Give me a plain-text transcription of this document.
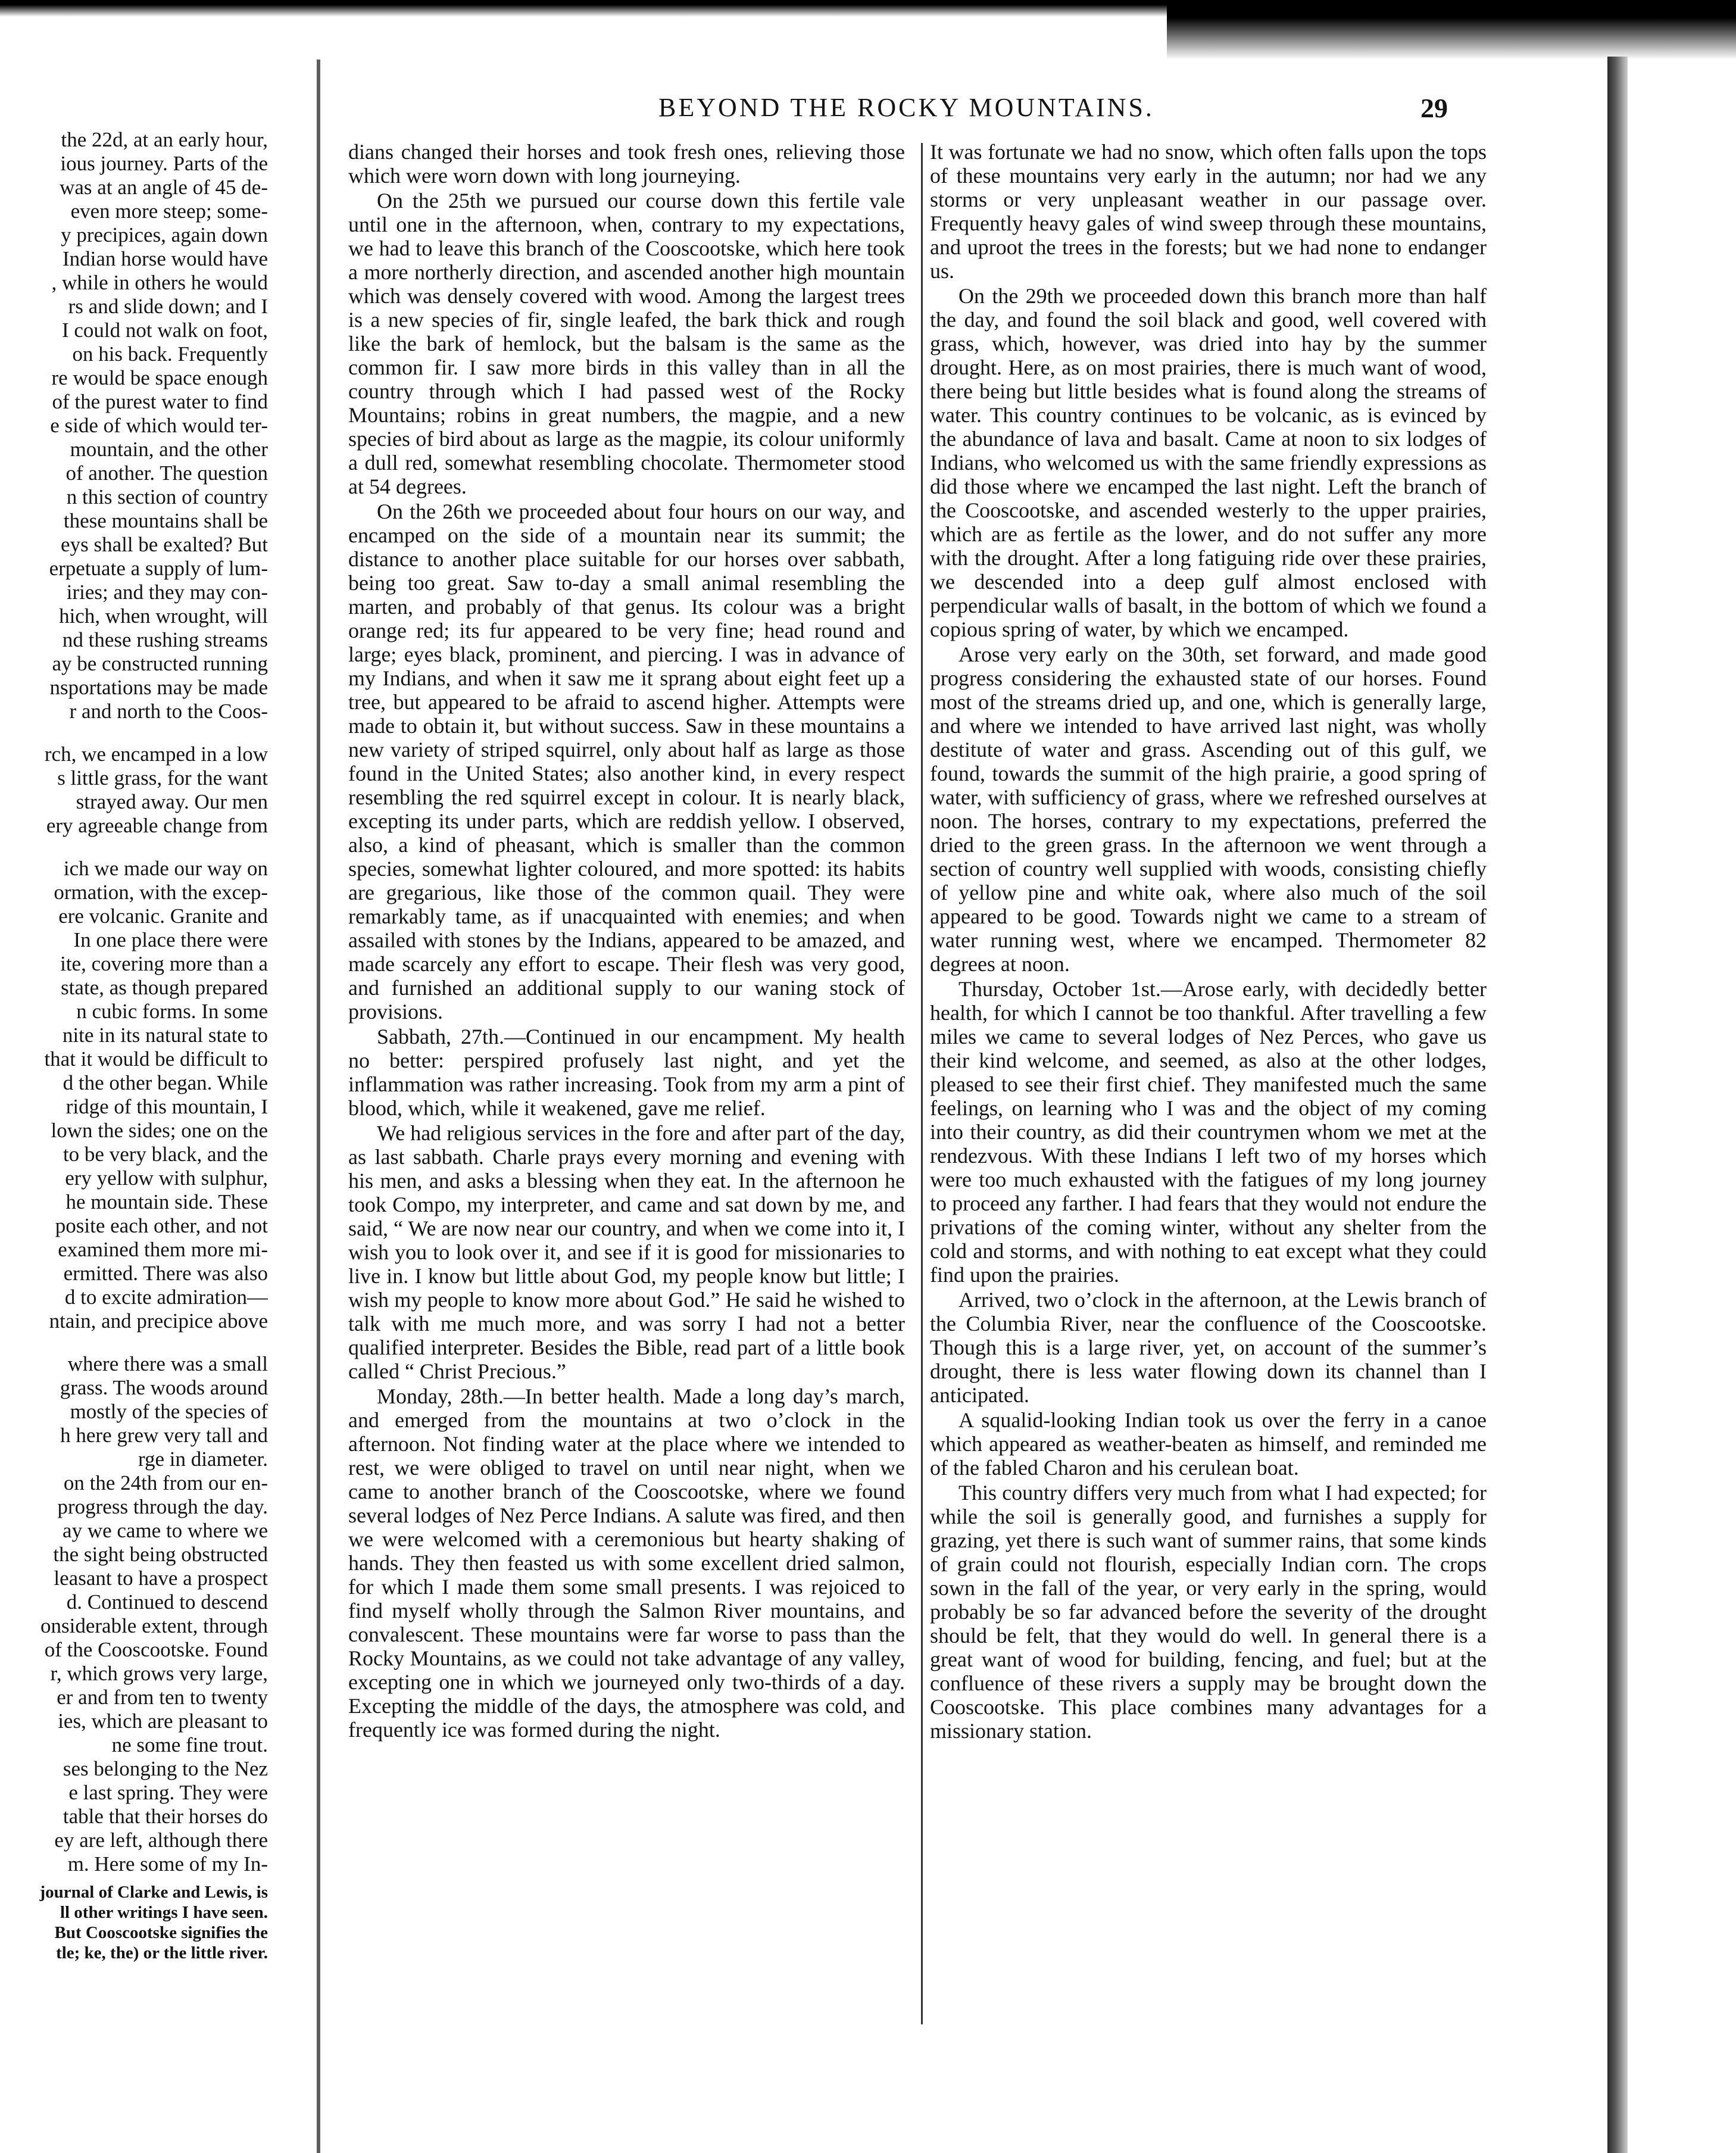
the 22d, at an early hour,

ious journey. Parts of the

was at an angle of 45 de-

even more steep; some-

y precipices, again down

Indian horse would have

, while in others he would

rs and slide down; and I

I could not walk on foot,

on his back. Frequently

re would be space enough

of the purest water to find

e side of which would ter-

mountain, and the other

of another. The question

n this section of country

these mountains shall be

eys shall be exalted? But

erpetuate a supply of lum-

iries; and they may con-

hich, when wrought, will

nd these rushing streams

ay be constructed running

nsportations may be made

r and north to the Coos-

rch, we encamped in a low

s little grass, for the want

strayed away. Our men

ery agreeable change from

ich we made our way on

ormation, with the excep-

ere volcanic. Granite and

In one place there were

ite, covering more than a

state, as though prepared

n cubic forms. In some

nite in its natural state to

that it would be difficult to

d the other began. While

ridge of this mountain, I

lown the sides; one on the

to be very black, and the

ery yellow with sulphur,

he mountain side. These

posite each other, and not

examined them more mi-

ermitted. There was also

d to excite admiration—

ntain, and precipice above

where there was a small

grass. The woods around

mostly of the species of

h here grew very tall and

rge in diameter.

on the 24th from our en-

progress through the day.

ay we came to where we

the sight being obstructed

leasant to have a prospect

d. Continued to descend

onsiderable extent, through

of the Cooscootske. Found

r, which grows very large,

er and from ten to twenty

ies, which are pleasant to

ne some fine trout.

ses belonging to the Nez

e last spring. They were

table that their horses do

ey are left, although there

m. Here some of my In-

journal of Clarke and Lewis, is

ll other writings I have seen.

But Cooscootske signifies the

tle; ke, the) or the little river.

BEYOND THE ROCKY MOUNTAINS.	29

dians changed their horses and took fresh ones, relieving those which were worn down with long journeying.

On the 25th we pursued our course down this fertile vale until one in the afternoon, when, contrary to my expectations, we had to leave this branch of the Cooscootske, which here took a more northerly direction, and ascended another high mountain which was densely covered with wood. Among the largest trees is a new species of fir, single leafed, the bark thick and rough like the bark of hemlock, but the balsam is the same as the common fir. I saw more birds in this valley than in all the country through which I had passed west of the Rocky Mountains; robins in great numbers, the magpie, and a new species of bird about as large as the magpie, its colour uniformly a dull red, somewhat resembling chocolate. Thermometer stood at 54 degrees.

On the 26th we proceeded about four hours on our way, and encamped on the side of a mountain near its summit; the distance to another place suitable for our horses over sabbath, being too great. Saw to-day a small animal resembling the marten, and probably of that genus. Its colour was a bright orange red; its fur appeared to be very fine; head round and large; eyes black, prominent, and piercing. I was in advance of my Indians, and when it saw me it sprang about eight feet up a tree, but appeared to be afraid to ascend higher. Attempts were made to obtain it, but without success. Saw in these mountains a new variety of striped squirrel, only about half as large as those found in the United States; also another kind, in every respect resembling the red squirrel except in colour. It is nearly black, excepting its under parts, which are reddish yellow. I observed, also, a kind of pheasant, which is smaller than the common species, somewhat lighter coloured, and more spotted: its habits are gregarious, like those of the common quail. They were remarkably tame, as if unacquainted with enemies; and when assailed with stones by the Indians, appeared to be amazed, and made scarcely any effort to escape. Their flesh was very good, and furnished an additional supply to our waning stock of provisions.

Sabbath, 27th.—Continued in our encampment. My health no better: perspired profusely last night, and yet the inflammation was rather increasing. Took from my arm a pint of blood, which, while it weakened, gave me relief.

We had religious services in the fore and after part of the day, as last sabbath. Charle prays every morning and evening with his men, and asks a blessing when they eat. In the afternoon he took Compo, my interpreter, and came and sat down by me, and said, “ We are now near our country, and when we come into it, I wish you to look over it, and see if it is good for missionaries to live in. I know but little about God, my people know but little; I wish my people to know more about God.” He said he wished to talk with me much more, and was sorry I had not a better qualified interpreter. Besides the Bible, read part of a little book called “ Christ Precious.”

Monday, 28th.—In better health. Made a long day’s march, and emerged from the mountains at two o’clock in the afternoon. Not finding water at the place where we intended to rest, we were obliged to travel on until near night, when we came to another branch of the Cooscootske, where we found several lodges of Nez Perce Indians. A salute was fired, and then we were welcomed with a ceremonious but hearty shaking of hands. They then feasted us with some excellent dried salmon, for which I made them some small presents. I was rejoiced to find myself wholly through the Salmon River mountains, and convalescent. These mountains were far worse to pass than the Rocky Mountains, as we could not take advantage of any valley, excepting one in which we journeyed only two-thirds of a day. Excepting the middle of the days, the atmosphere was cold, and frequently ice was formed during the night.

It was fortunate we had no snow, which often falls upon the tops of these mountains very early in the autumn; nor had we any storms or very unpleasant weather in our passage over. Frequently heavy gales of wind sweep through these mountains, and uproot the trees in the forests; but we had none to endanger us.

On the 29th we proceeded down this branch more than half the day, and found the soil black and good, well covered with grass, which, however, was dried into hay by the summer drought. Here, as on most prairies, there is much want of wood, there being but little besides what is found along the streams of water. This country continues to be volcanic, as is evinced by the abundance of lava and basalt. Came at noon to six lodges of Indians, who welcomed us with the same friendly expressions as did those where we encamped the last night. Left the branch of the Cooscootske, and ascended westerly to the upper prairies, which are as fertile as the lower, and do not suffer any more with the drought. After a long fatiguing ride over these prairies, we descended into a deep gulf almost enclosed with perpendicular walls of basalt, in the bottom of which we found a copious spring of water, by which we encamped.

Arose very early on the 30th, set forward, and made good progress considering the exhausted state of our horses. Found most of the streams dried up, and one, which is generally large, and where we intended to have arrived last night, was wholly destitute of water and grass. Ascending out of this gulf, we found, towards the summit of the high prairie, a good spring of water, with sufficiency of grass, where we refreshed ourselves at noon. The horses, contrary to my expectations, preferred the dried to the green grass. In the afternoon we went through a section of country well supplied with woods, consisting chiefly of yellow pine and white oak, where also much of the soil appeared to be good. Towards night we came to a stream of water running west, where we encamped. Thermometer 82 degrees at noon.

Thursday, October 1st.—Arose early, with decidedly better health, for which I cannot be too thankful. After travelling a few miles we came to several lodges of Nez Perces, who gave us their kind welcome, and seemed, as also at the other lodges, pleased to see their first chief. They manifested much the same feelings, on learning who I was and the object of my coming into their country, as did their countrymen whom we met at the rendezvous. With these Indians I left two of my horses which were too much exhausted with the fatigues of my long journey to proceed any farther. I had fears that they would not endure the privations of the coming winter, without any shelter from the cold and storms, and with nothing to eat except what they could find upon the prairies.

Arrived, two o’clock in the afternoon, at the Lewis branch of the Columbia River, near the confluence of the Cooscootske. Though this is a large river, yet, on account of the summer’s drought, there is less water flowing down its channel than I anticipated.

A squalid-looking Indian took us over the ferry in a canoe which appeared as weather-beaten as himself, and reminded me of the fabled Charon and his cerulean boat.

This country differs very much from what I had expected; for while the soil is generally good, and furnishes a supply for grazing, yet there is such want of summer rains, that some kinds of grain could not flourish, especially Indian corn. The crops sown in the fall of the year, or very early in the spring, would probably be so far advanced before the severity of the drought should be felt, that they would do well. In general there is a great want of wood for building, fencing, and fuel; but at the confluence of these rivers a supply may be brought down the Cooscootske. This place combines many advantages for a missionary station.
